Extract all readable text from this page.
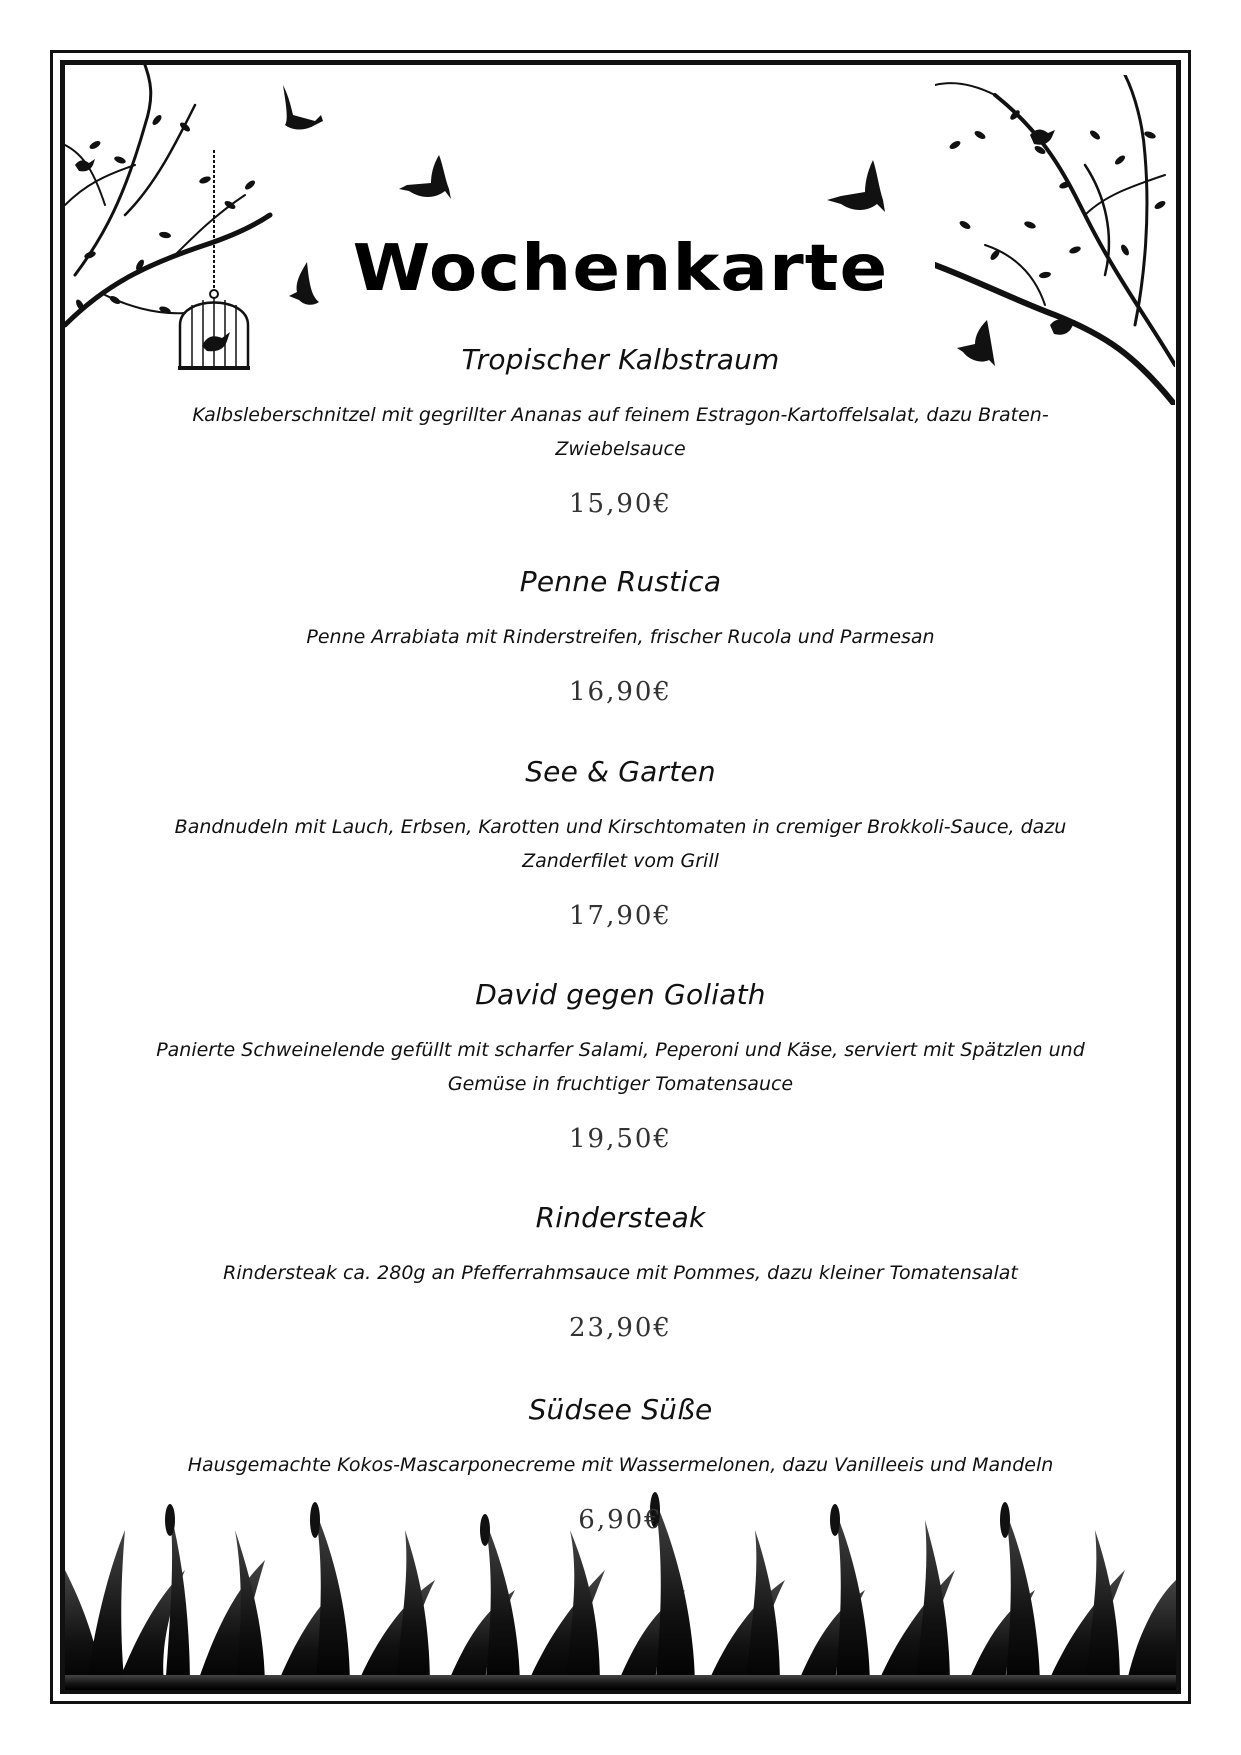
Wochenkarte
Tropischer Kalbstraum
Kalbsleberschnitzel mit gegrillter Ananas auf feinem Estragon-Kartoffelsalat, dazu Braten-Zwiebelsauce
15,90€
Penne Rustica
Penne Arrabiata mit Rinderstreifen, frischer Rucola und Parmesan
16,90€
See & Garten
Bandnudeln mit Lauch, Erbsen, Karotten und Kirschtomaten in cremiger Brokkoli-Sauce, dazu Zanderfilet vom Grill
17,90€
David gegen Goliath
Panierte Schweinelende gefüllt mit scharfer Salami, Peperoni und Käse, serviert mit Spätzlen und Gemüse in fruchtiger Tomatensauce
19,50€
Rindersteak
Rindersteak ca. 280g an Pfefferrahmsauce mit Pommes, dazu kleiner Tomatensalat
23,90€
Südsee Süße
Hausgemachte Kokos-Mascarponecreme mit Wassermelonen, dazu Vanilleeis und Mandeln
6,90€
